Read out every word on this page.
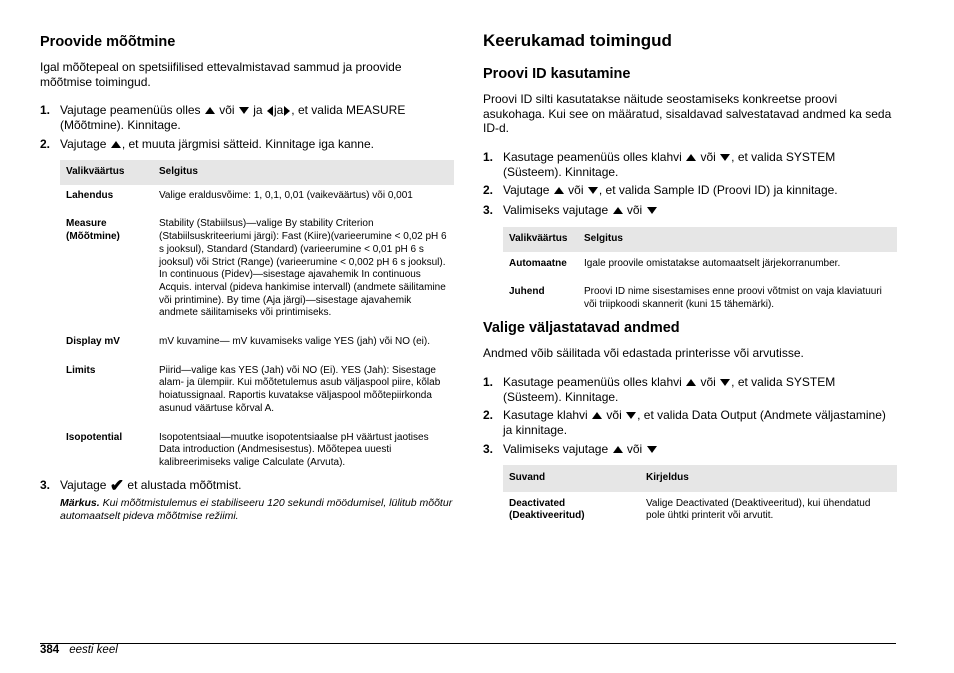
Proovide mõõtmine

Igal mõõtepeal on spetsiifilised ettevalmistavad sammud ja proovide mõõtmise toimingud.

1. Vajutage peamenüüs olles või ja ja , et valida MEASURE (Mõõtmine). Kinnitage.
2. Vajutage , et muuta järgmisi sätteid. Kinnitage iga kanne.
Valikväärtus	Selgitus
Lahendus	Valige eraldusvõime: 1, 0,1, 0,01 (vaikeväärtus) või 0,001
Measure (Mõõtmine)	Stability (Stabiilsus)—valige By stability Criterion (Stabiilsuskriteeriumi järgi): Fast (Kiire)(varieerumine < 0,02 pH 6 s jooksul), Standard (Standard) (varieerumine < 0,01 pH 6 s jooksul) või Strict (Range) (varieerumine < 0,002 pH 6 s jooksul). In continuous (Pidev)—sisestage ajavahemik In continuous Acquis. interval (pideva hankimise intervall) (andmete säilitamine või printimine). By time (Aja järgi)—sisestage ajavahemik andmete säilitamiseks või printimiseks.
Display mV	mV kuvamine— mV kuvamiseks valige YES (jah) või NO (ei).
Limits	Piirid—valige kas YES (Jah) või NO (Ei). YES (Jah): Sisestage alam- ja ülempiir. Kui mõõtetulemus asub väljaspool piire, kõlab hoiatussignaal. Raportis kuvatakse väljaspool mõõtepiirkonda asunud väärtuse kõrval A.
Isopotential	Isopotentsiaal—muutke isopotentsiaalse pH väärtust jaotises Data introduction (Andmesisestus). Mõõtepea uuesti kalibreerimiseks valige Calculate (Arvuta).
3. Vajutage ✔ et alustada mõõtmist.

Märkus. Kui mõõtmistulemus ei stabiliseeru 120 sekundi möödumisel, lülitub mõõtur automaatselt pideva mõõtmise režiimi.

Keerukamad toimingud
Proovi ID kasutamine

Proovi ID silti kasutatakse näitude seostamiseks konkreetse proovi asukohaga. Kui see on määratud, sisaldavad salvestatavad andmed ka seda ID-d.

1. Kasutage peamenüüs olles klahvi või , et valida SYSTEM (Süsteem). Kinnitage.
2. Vajutage või , et valida Sample ID (Proovi ID) ja kinnitage.
3. Valimiseks vajutage või
Valikväärtus	Selgitus
Automaatne	Igale proovile omistatakse automaatselt järjekorranumber.
Juhend	Proovi ID nime sisestamises enne proovi võtmist on vaja klaviatuuri või triipkoodi skannerit (kuni 15 tähemärki).
Valige väljastatavad andmed

Andmed võib säilitada või edastada printerisse või arvutisse.

1. Kasutage peamenüüs olles klahvi või , et valida SYSTEM (Süsteem). Kinnitage.
2. Kasutage klahvi või , et valida Data Output (Andmete väljastamine) ja kinnitage.
3. Valimiseks vajutage või
Suvand	Kirjeldus
Deactivated (Deaktiveeritud)	Valige Deactivated (Deaktiveeritud), kui ühendatud pole ühtki printerit või arvutit.
384 eesti keel
